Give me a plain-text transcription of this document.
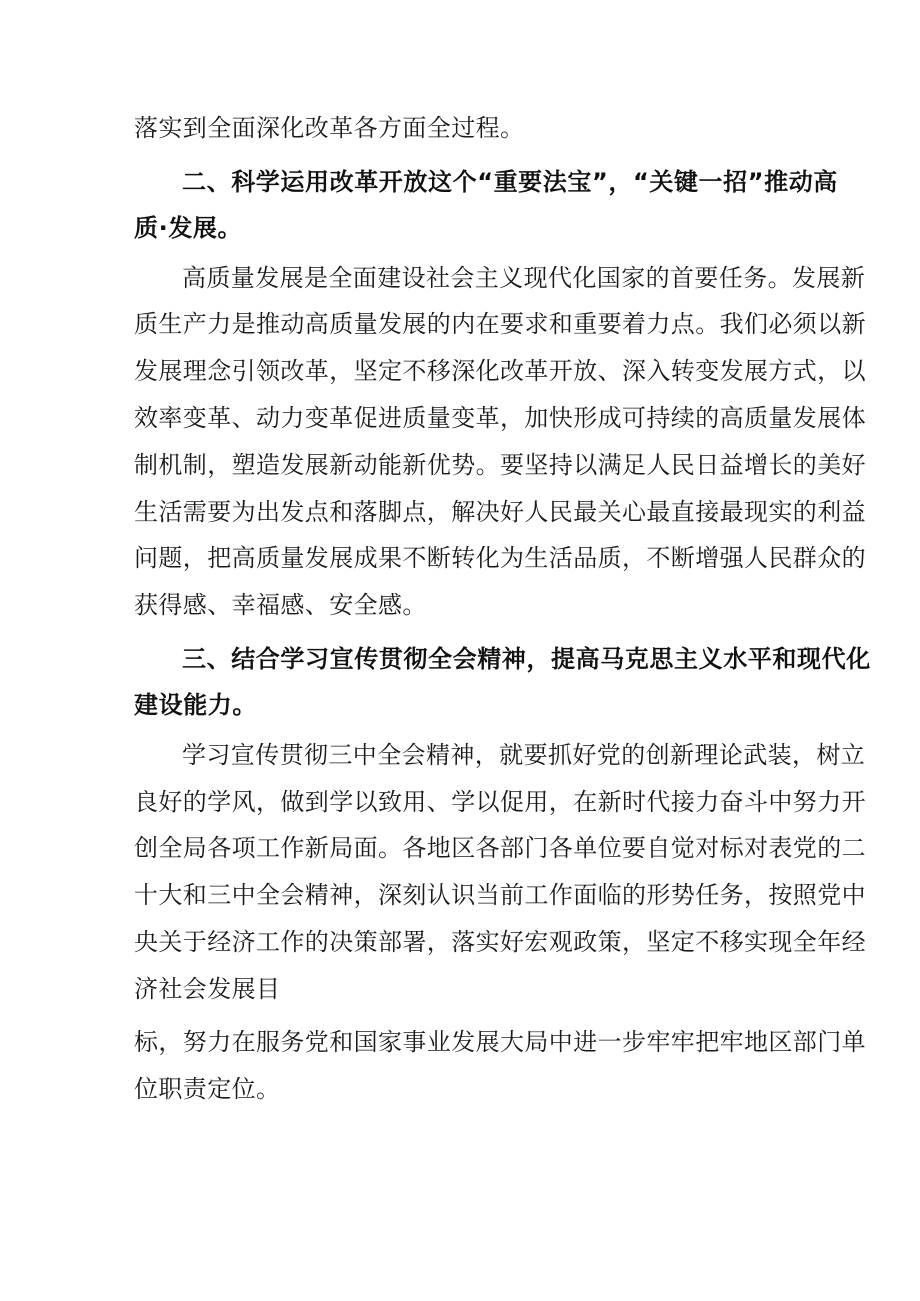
落实到全面深化改革各方面全过程。
二、科学运用改革开放这个“重要法宝”，“关键一招”推动高
质·发展。
高质量发展是全面建设社会主义现代化国家的首要任务。发展新
质生产力是推动高质量发展的内在要求和重要着力点。我们必须以新
发展理念引领改革，坚定不移深化改革开放、深入转变发展方式，以
效率变革、动力变革促进质量变革，加快形成可持续的高质量发展体
制机制，塑造发展新动能新优势。要坚持以满足人民日益增长的美好
生活需要为出发点和落脚点，解决好人民最关心最直接最现实的利益
问题，把高质量发展成果不断转化为生活品质，不断增强人民群众的
获得感、幸福感、安全感。
三、结合学习宣传贯彻全会精神，提高马克思主义水平和现代化
建设能力。
学习宣传贯彻三中全会精神，就要抓好党的创新理论武装，树立
良好的学风，做到学以致用、学以促用，在新时代接力奋斗中努力开
创全局各项工作新局面。各地区各部门各单位要自觉对标对表党的二
十大和三中全会精神，深刻认识当前工作面临的形势任务，按照党中
央关于经济工作的决策部署，落实好宏观政策，坚定不移实现全年经
济社会发展目
标，努力在服务党和国家事业发展大局中进一步牢牢把牢地区部门单
位职责定位。
